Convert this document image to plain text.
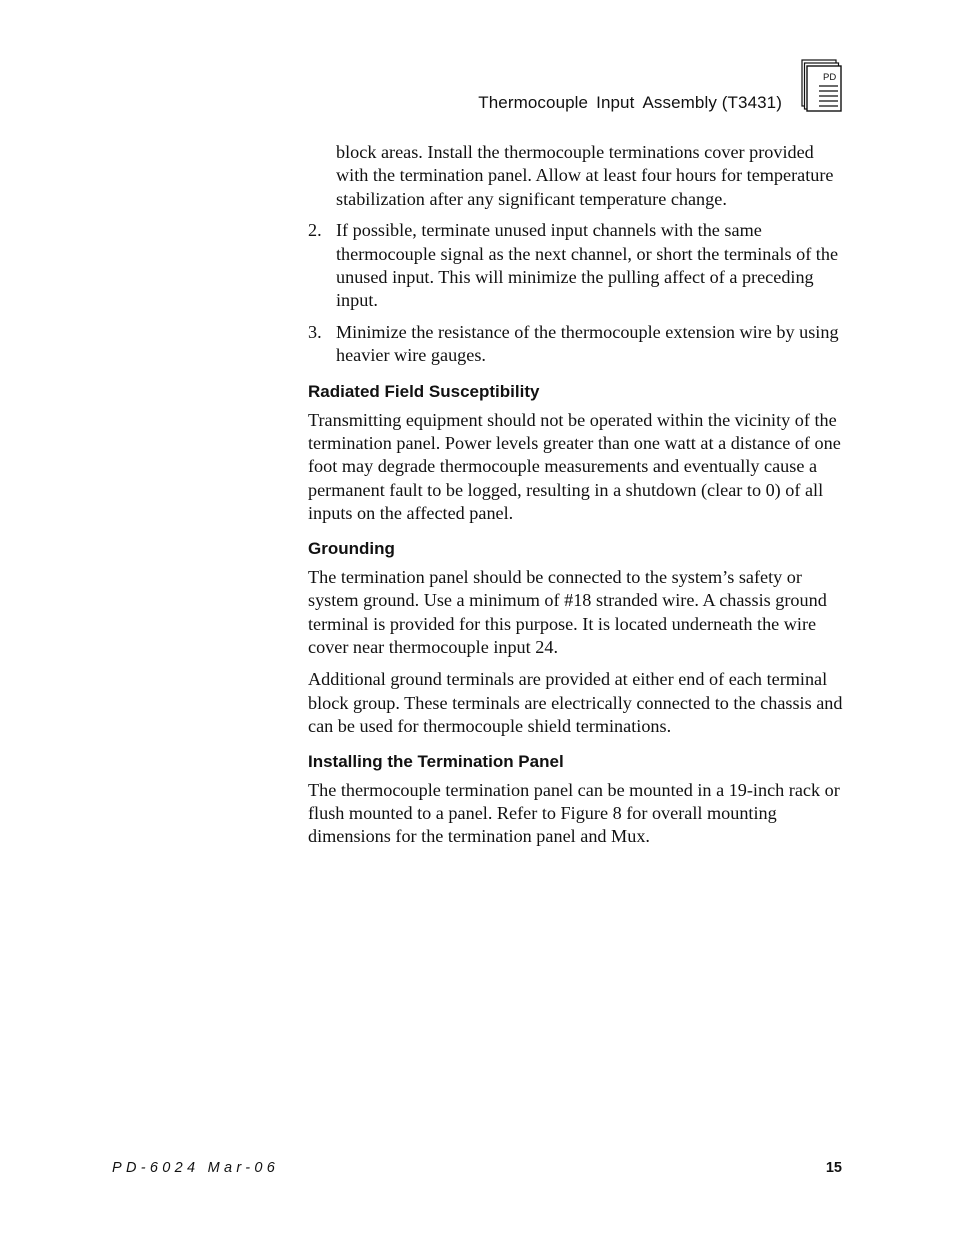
Thermocouple Input Assembly (T3431)
PD

block areas. Install the thermocouple terminations cover provided with the termination panel. Allow at least four hours for temperature stabilization after any significant temperature change.

2. If possible, terminate unused input channels with the same thermocouple signal as the next channel, or short the terminals of the unused input. This will minimize the pulling affect of a preceding input.
3. Minimize the resistance of the thermocouple extension wire by using heavier wire gauges.
Radiated Field Susceptibility

Transmitting equipment should not be operated within the vicinity of the termination panel. Power levels greater than one watt at a distance of one foot may degrade thermocouple measurements and eventually cause a permanent fault to be logged, resulting in a shutdown (clear to 0) of all inputs on the affected panel.

Grounding

The termination panel should be connected to the system’s safety or system ground. Use a minimum of #18 stranded wire. A chassis ground terminal is provided for this purpose. It is located underneath the wire cover near thermocouple input 24.

Additional ground terminals are provided at either end of each terminal block group. These terminals are electrically connected to the chassis and can be used for thermocouple shield terminations.

Installing the Termination Panel

The thermocouple termination panel can be mounted in a 19-inch rack or flush mounted to a panel. Refer to Figure 8 for overall mounting dimensions for the termination panel and Mux.

PD-6024 Mar-06	15
